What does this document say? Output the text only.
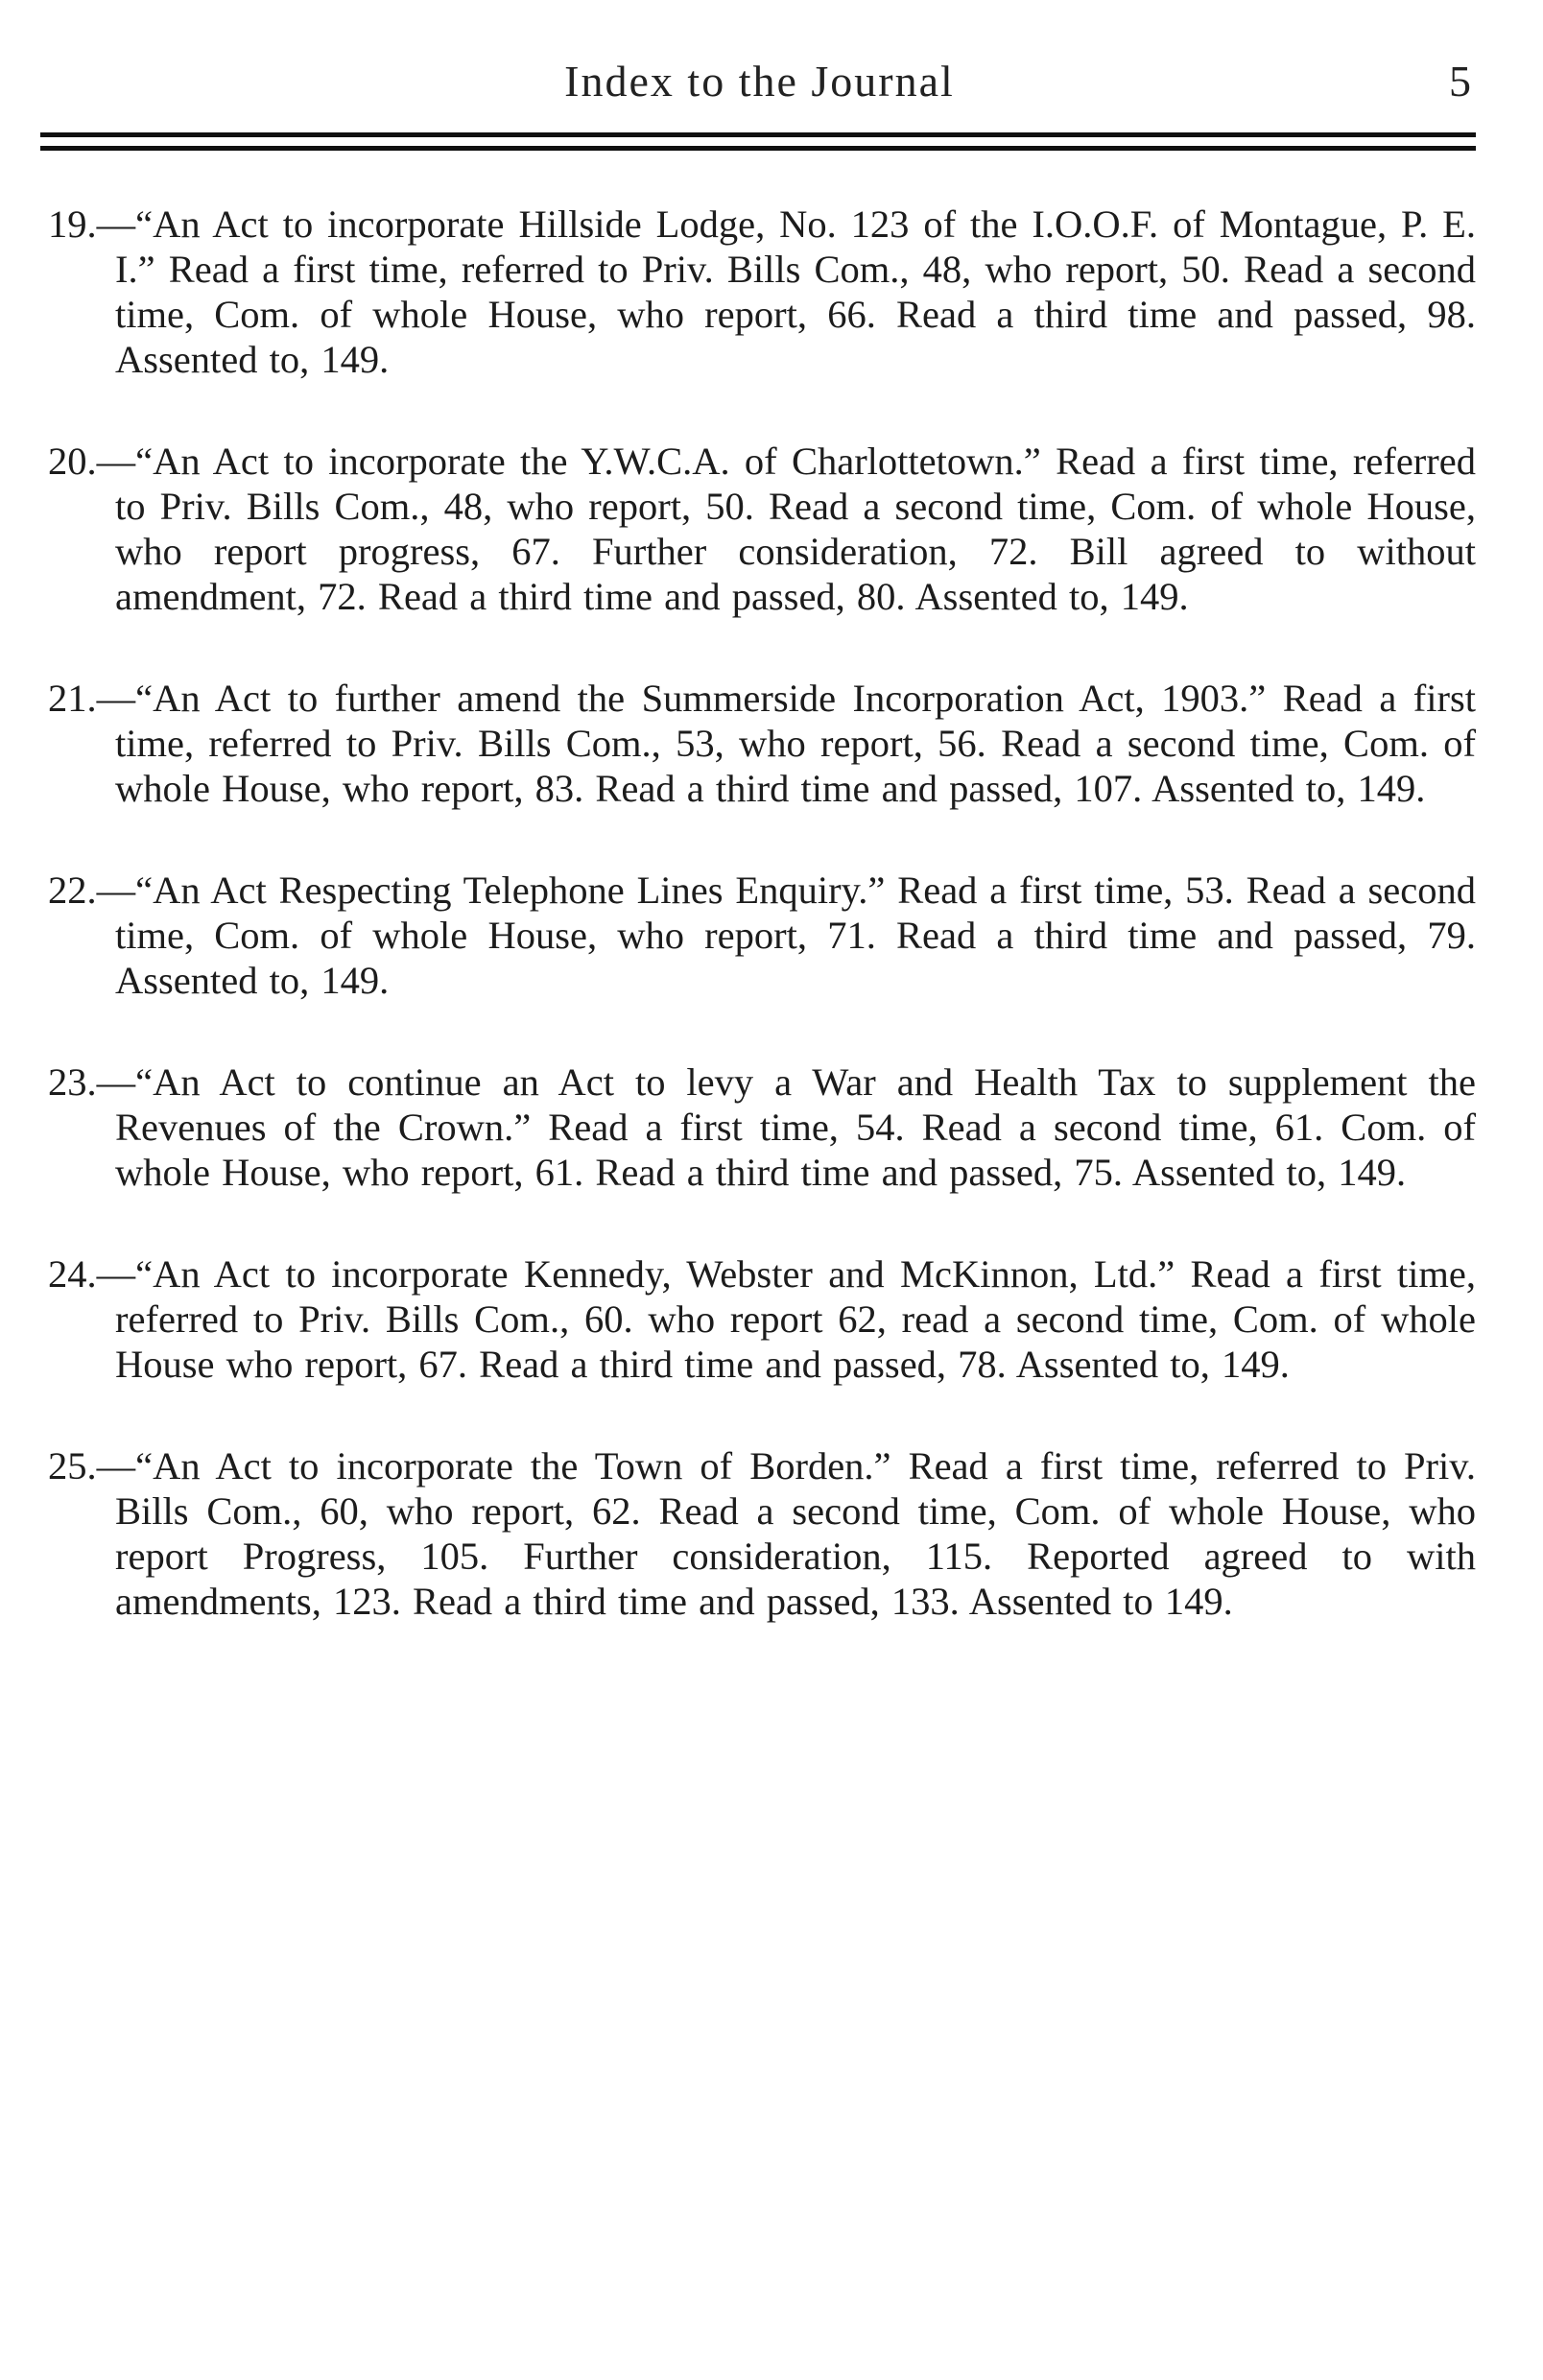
Index to the Journal	5

19.—“An Act to incorporate Hillside Lodge, No. 123 of the I.O.O.F. of Montague, P. E. I.” Read a first time, referred to Priv. Bills Com., 48, who report, 50. Read a second time, Com. of whole House, who report, 66. Read a third time and passed, 98. Assented to, 149.

20.—“An Act to incorporate the Y.W.C.A. of Charlottetown.” Read a first time, referred to Priv. Bills Com., 48, who report, 50. Read a second time, Com. of whole House, who report progress, 67. Further consideration, 72. Bill agreed to without amendment, 72. Read a third time and passed, 80. Assented to, 149.

21.—“An Act to further amend the Summerside Incorporation Act, 1903.” Read a first time, referred to Priv. Bills Com., 53, who report, 56. Read a second time, Com. of whole House, who report, 83. Read a third time and passed, 107. Assented to, 149.

22.—“An Act Respecting Telephone Lines Enquiry.” Read a first time, 53. Read a second time, Com. of whole House, who report, 71. Read a third time and passed, 79. Assented to, 149.

23.—“An Act to continue an Act to levy a War and Health Tax to supplement the Revenues of the Crown.” Read a first time, 54. Read a second time, 61. Com. of whole House, who report, 61. Read a third time and passed, 75. Assented to, 149.

24.—“An Act to incorporate Kennedy, Webster and McKinnon, Ltd.” Read a first time, referred to Priv. Bills Com., 60. who report 62, read a second time, Com. of whole House who report, 67. Read a third time and passed, 78. Assented to, 149.

25.—“An Act to incorporate the Town of Borden.” Read a first time, referred to Priv. Bills Com., 60, who report, 62. Read a second time, Com. of whole House, who report Progress, 105. Further consideration, 115. Reported agreed to with amendments, 123. Read a third time and passed, 133. Assented to 149.
